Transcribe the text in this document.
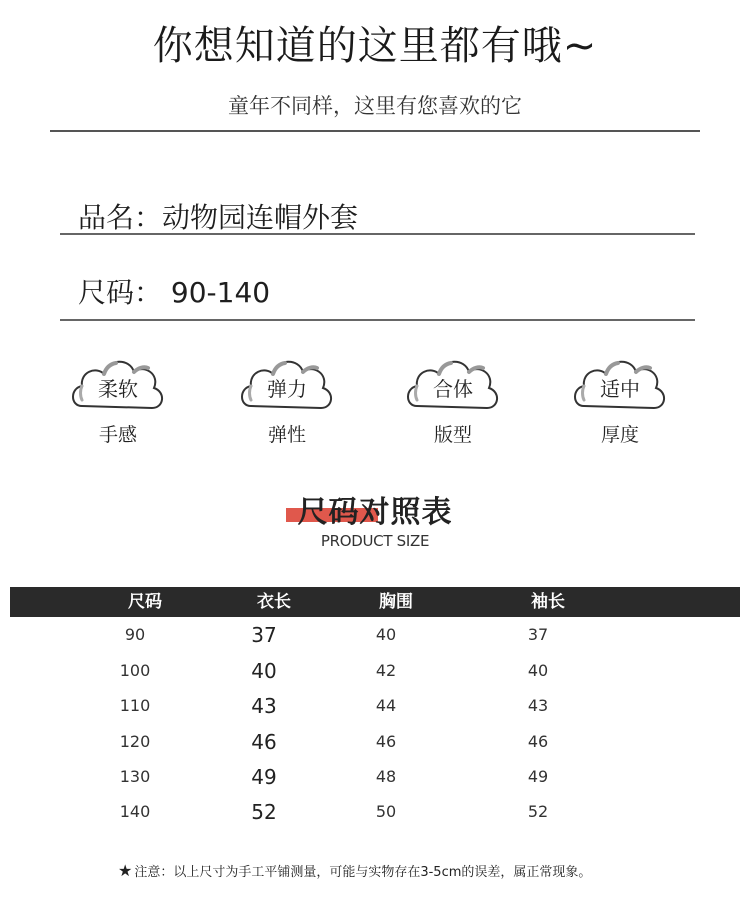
你想知道的这里都有哦~
童年不同样，这里有您喜欢的它
品名：动物园连帽外套
尺码： 90-140
柔软
手感
弹力
弹性
合体
版型
适中
厚度
尺码对照表
PRODUCT SIZE
尺码	衣长	胸围	袖长
90	37	40	37
100	40	42	40
110	43	44	43
120	46	46	46
130	49	48	49
140	52	50	52
★ 注意：以上尺寸为手工平铺测量，可能与实物存在3-5cm的误差，属正常现象。
